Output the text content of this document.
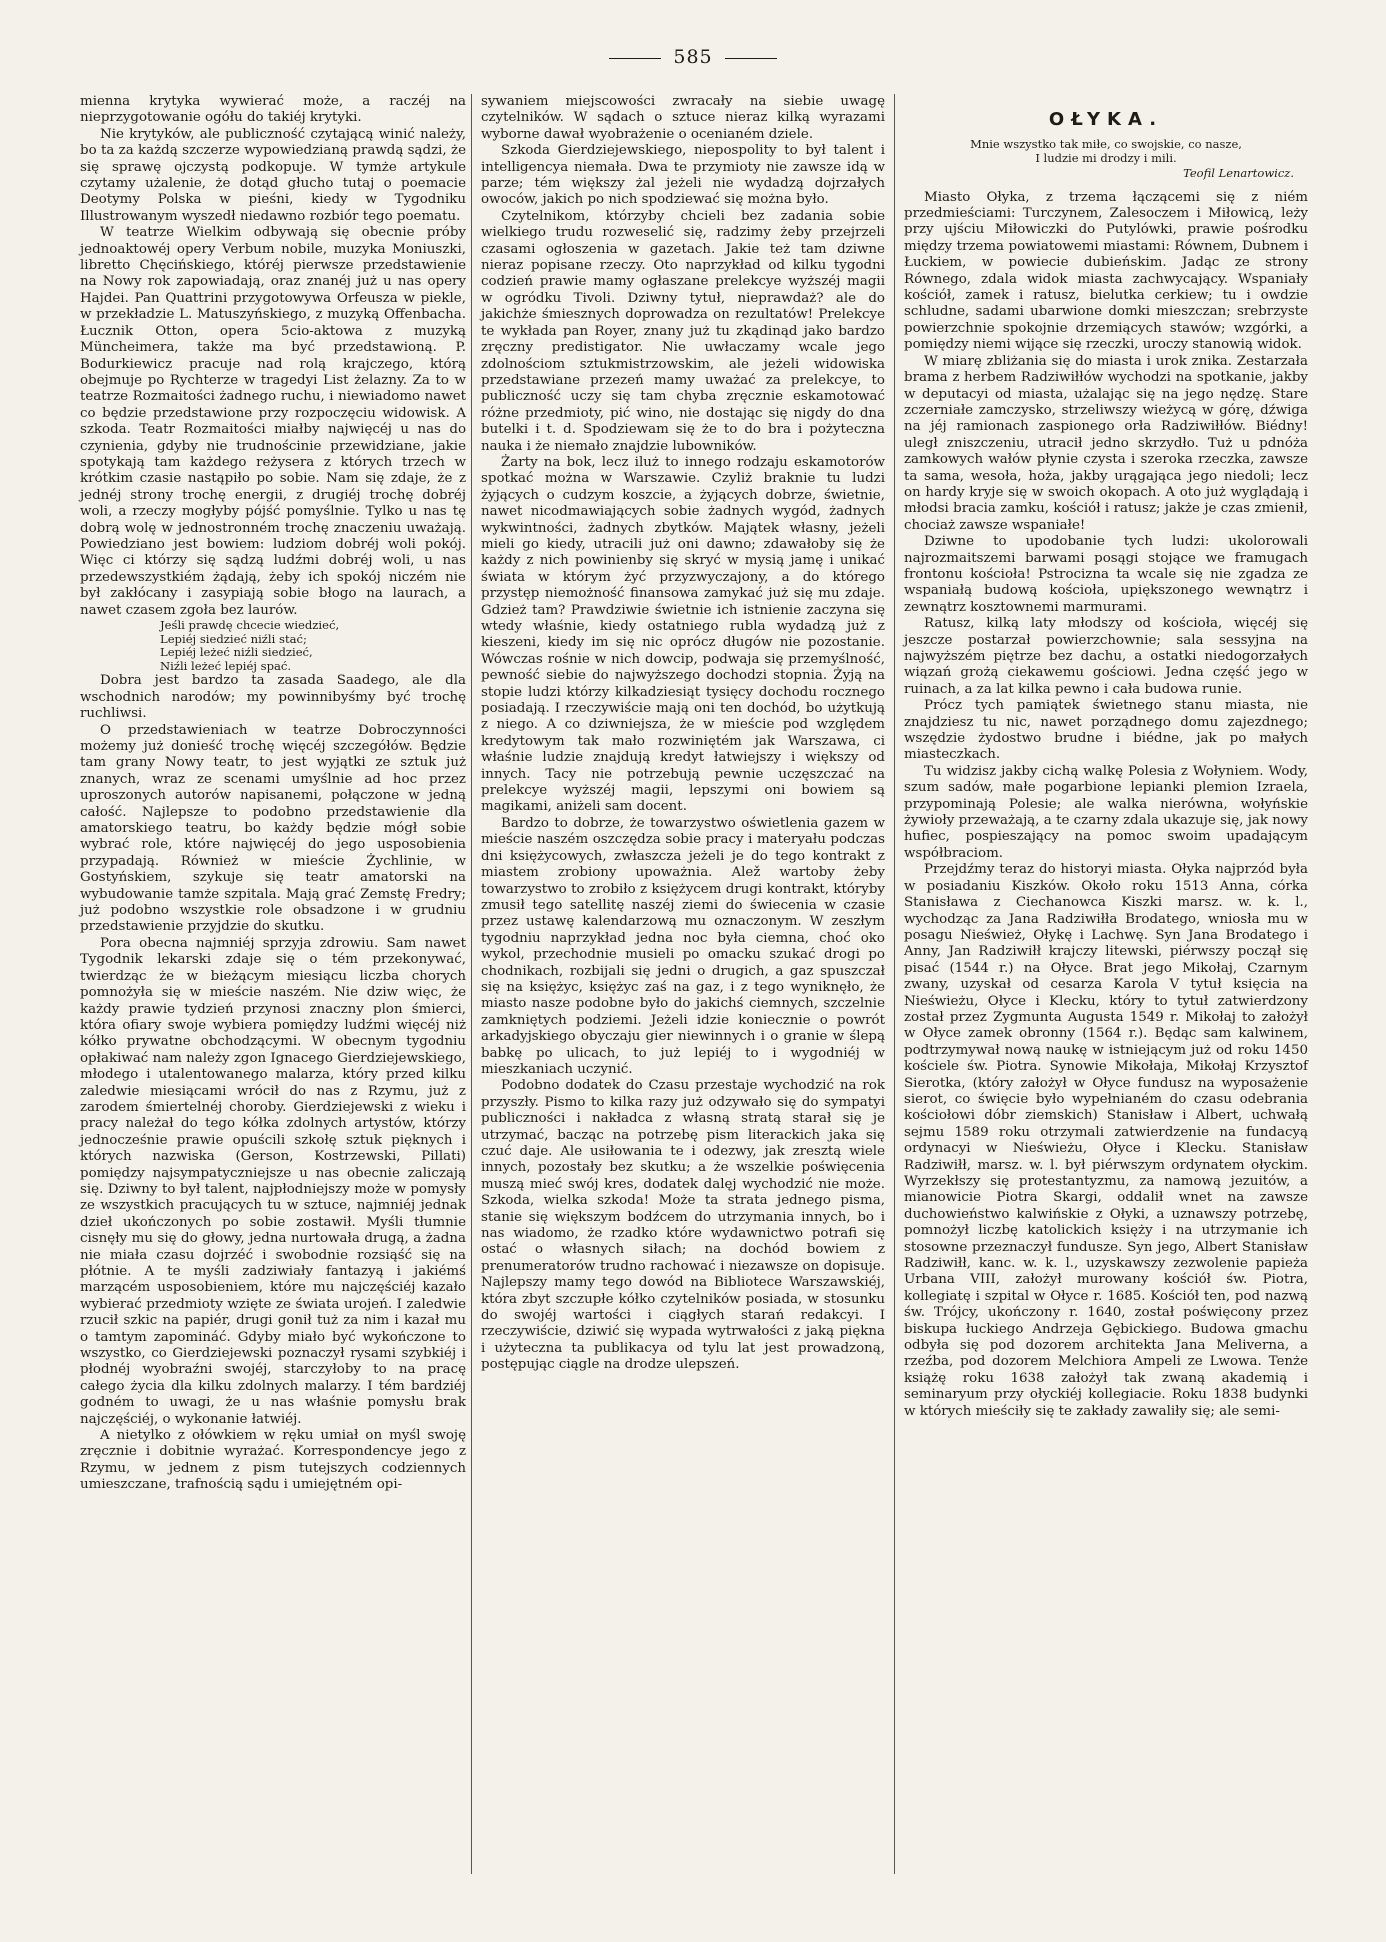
585

mienna krytyka wywierać może, a raczéj na nieprzygotowanie ogółu do takiéj krytyki.

Nie krytyków, ale publiczność czytającą winić należy, bo ta za każdą szczerze wypowiedzianą prawdą sądzi, że się sprawę ojczystą podkopuje. W tymże artykule czytamy użalenie, że dotąd głucho tutaj o poemacie Deotymy Polska w pieśni, kiedy w Tygodniku Illustrowanym wyszedł niedawno rozbiór tego poematu.

W teatrze Wielkim odbywają się obecnie próby jednoaktowéj opery Verbum nobile, muzyka Moniuszki, libretto Chęcińskiego, któréj pierwsze przedstawienie na Nowy rok zapowiadają, oraz znanéj już u nas opery Hajdei. Pan Quattrini przygotowywa Orfeusza w piekle, w przekładzie L. Matuszyńskiego, z muzyką Offenbacha. Łucznik Otton, opera 5cio-aktowa z muzyką Müncheimera, także ma być przedstawioną. P. Bodurkiewicz pracuje nad rolą krajczego, którą obejmuje po Rychterze w tragedyi List żelazny. Za to w teatrze Rozmaitości żadnego ruchu, i niewiadomo nawet co będzie przedstawione przy rozpoczęciu widowisk. A szkoda. Teatr Rozmaitości miałby najwięcéj u nas do czynienia, gdyby nie trudnościnie przewidziane, jakie spotykają tam każdego reżysera z których trzech w krótkim czasie nastąpiło po sobie. Nam się zdaje, że z jednéj strony trochę energii, z drugiéj trochę dobréj woli, a rzeczy mogłyby pójść pomyślnie. Tylko u nas tę dobrą wolę w jednostronném trochę znaczeniu uważają. Powiedziano jest bowiem: ludziom dobréj woli pokój. Więc ci którzy się sądzą ludźmi dobréj woli, u nas przedewszystkiém żądają, żeby ich spokój niczém nie był zakłócany i zasypiają sobie błogo na laurach, a nawet czasem zgoła bez laurów.

Jeśli prawdę chcecie wiedzieć,
Lepiéj siedzieć niźli stać;
Lepiéj leżeć niźli siedzieć,
Niźli leżeć lepiéj spać.

Dobra jest bardzo ta zasada Saadego, ale dla wschodnich narodów; my powinnibyśmy być trochę ruchliwsi.

O przedstawieniach w teatrze Dobroczynności możemy już donieść trochę więcéj szczegółów. Będzie tam grany Nowy teatr, to jest wyjątki ze sztuk już znanych, wraz ze scenami umyślnie ad hoc przez uproszonych autorów napisanemi, połączone w jedną całość. Najlepsze to podobno przedstawienie dla amatorskiego teatru, bo każdy będzie mógł sobie wybrać role, które najwięcéj do jego usposobienia przypadają. Również w mieście Żychlinie, w Gostyńskiem, szykuje się teatr amatorski na wybudowanie tamże szpitala. Mają grać Zemstę Fredry; już podobno wszystkie role obsadzone i w grudniu przedstawienie przyjdzie do skutku.

Pora obecna najmniéj sprzyja zdrowiu. Sam nawet Tygodnik lekarski zdaje się o tém przekonywać, twierdząc że w bieżącym miesiącu liczba chorych pomnożyła się w mieście naszém. Nie dziw więc, że każdy prawie tydzień przynosi znaczny plon śmierci, która ofiary swoje wybiera pomiędzy ludźmi więcéj niż kółko prywatne obchodzącymi. W obecnym tygodniu opłakiwać nam należy zgon Ignacego Gierdziejewskiego, młodego i utalentowanego malarza, który przed kilku zaledwie miesiącami wrócił do nas z Rzymu, już z zarodem śmiertelnéj choroby. Gierdziejewski z wieku i pracy należał do tego kółka zdolnych artystów, którzy jednocześnie prawie opuścili szkołę sztuk pięknych i których nazwiska (Gerson, Kostrzewski, Pillati) pomiędzy najsympatyczniejsze u nas obecnie zaliczają się. Dziwny to był talent, najpłodniejszy może w pomysły ze wszystkich pracujących tu w sztuce, najmniéj jednak dzieł ukończonych po sobie zostawił. Myśli tłumnie cisnęły mu się do głowy, jedna nurtowała drugą, a żadna nie miała czasu dojrzéć i swobodnie rozsiąść się na płótnie. A te myśli zadziwiały fantazyą i jakiémś marzącém usposobieniem, które mu najczęściéj kazało wybierać przedmioty wzięte ze świata urojeń. I zaledwie rzucił szkic na papiér, drugi gonił tuż za nim i kazał mu o tamtym zapomináć. Gdyby miało być wykończone to wszystko, co Gierdziejewski poznaczył rysami szybkiéj i płodnéj wyobraźni swojéj, starczyłoby to na pracę całego życia dla kilku zdolnych malarzy. I tém bardziéj godném to uwagi, że u nas właśnie pomysłu brak najczęściéj, o wykonanie łatwiéj.

A nietylko z ołówkiem w ręku umiał on myśl swoję zręcznie i dobitnie wyrażać. Korrespondencye jego z Rzymu, w jednem z pism tutejszych codziennych umieszczane, trafnością sądu i umiejętném opi-

sywaniem miejscowości zwracały na siebie uwagę czytelników. W sądach o sztuce nieraz kilką wyrazami wyborne dawał wyobrażenie o ocenianém dziele.

Szkoda Gierdziejewskiego, niepospolity to był talent i intelligencya niemała. Dwa te przymioty nie zawsze idą w parze; tém większy żal jeżeli nie wydadzą dojrzałych owoców, jakich po nich spodziewać się można było.

Czytelnikom, którzyby chcieli bez zadania sobie wielkiego trudu rozweselić się, radzimy żeby przejrzeli czasami ogłoszenia w gazetach. Jakie też tam dziwne nieraz popisane rzeczy. Oto naprzykład od kilku tygodni codzień prawie mamy ogłaszane prelekcye wyższéj magii w ogródku Tivoli. Dziwny tytuł, nieprawdaż? ale do jakichże śmiesznych doprowadza on rezultatów! Prelekcye te wykłada pan Royer, znany już tu zkądinąd jako bardzo zręczny predistigator. Nie uwłaczamy wcale jego zdolnościom sztukmistrzowskim, ale jeżeli widowiska przedstawiane przezeń mamy uważać za prelekcye, to publiczność uczy się tam chyba zręcznie eskamotować różne przedmioty, pić wino, nie dostając się nigdy do dna butelki i t. d. Spodziewam się że to do bra i pożyteczna nauka i że niemało znajdzie lubowników.

Żarty na bok, lecz iluż to innego rodzaju eskamotorów spotkać można w Warszawie. Czyliż braknie tu ludzi żyjących o cudzym koszcie, a żyjących dobrze, świetnie, nawet nicodmawiających sobie żadnych wygód, żadnych wykwintności, żadnych zbytków. Majątek własny, jeżeli mieli go kiedy, utracili już oni dawno; zdawałoby się że każdy z nich powinienby się skryć w mysią jamę i unikać świata w którym żyć przyzwyczajony, a do którego przystęp niemożność finansowa zamykać już się mu zdaje. Gdzież tam? Prawdziwie świetnie ich istnienie zaczyna się wtedy właśnie, kiedy ostatniego rubla wydadzą już z kieszeni, kiedy im się nic oprócz długów nie pozostanie. Wówczas rośnie w nich dowcip, podwaja się przemyślność, pewność siebie do najwyższego dochodzi stopnia. Żyją na stopie ludzi którzy kilkadziesiąt tysięcy dochodu rocznego posiadają. I rzeczywiście mają oni ten dochód, bo użytkują z niego. A co dziwniejsza, że w mieście pod względem kredytowym tak mało rozwiniętém jak Warszawa, ci właśnie ludzie znajdują kredyt łatwiejszy i większy od innych. Tacy nie potrzebują pewnie uczęszczać na prelekcye wyższéj magii, lepszymi oni bowiem są magikami, aniżeli sam docent.

Bardzo to dobrze, że towarzystwo oświetlenia gazem w mieście naszém oszczędza sobie pracy i materyału podczas dni księżycowych, zwłaszcza jeżeli je do tego kontrakt z miastem zrobiony upoważnia. Alež wartoby żeby towarzystwo to zrobiło z księżycem drugi kontrakt, któryby zmusił tego satellitę naszéj ziemi do świecenia w czasie przez ustawę kalendarzową mu oznaczonym. W zeszłym tygodniu naprzykład jedna noc była ciemna, choć oko wykol, przechodnie musieli po omacku szukać drogi po chodnikach, rozbijali się jedni o drugich, a gaz spuszczał się na księżyc, księżyc zaś na gaz, i z tego wyniknęło, że miasto nasze podobne było do jakichś ciemnych, szczelnie zamkniętych podziemi. Jeżeli idzie koniecznie o powrót arkadyjskiego obyczaju gier niewinnych i o granie w ślepą babkę po ulicach, to już lepiéj to i wygodniéj w mieszkaniach uczynić.

Podobno dodatek do Czasu przestaje wychodzić na rok przyszły. Pismo to kilka razy już odzywało się do sympatyi publiczności i nakładca z własną stratą starał się je utrzymać, bacząc na potrzebę pism literackich jaka się czuć daje. Ale usiłowania te i odezwy, jak zresztą wiele innych, pozostały bez skutku; a że wszelkie poświęcenia muszą mieć swój kres, dodatek dalęj wychodzić nie może. Szkoda, wielka szkoda! Może ta strata jednego pisma, stanie się większym bodźcem do utrzymania innych, bo i nas wiadomo, że rzadko które wydawnictwo potrafi się ostać o własnych siłach; na dochód bowiem z prenumeratorów trudno rachować i niezawsze on dopisuje. Najlepszy mamy tego dowód na Bibliotece Warszawskiéj, która zbyt szczupłe kółko czytelników posiada, w stosunku do swojéj wartości i ciągłych starań redakcyi. I rzeczywiście, dziwić się wypada wytrwałości z jaką piękna i użyteczna ta publikacya od tylu lat jest prowadzoną, postępując ciągle na drodze ulepszeń.

OŁYKA.
Mnie wszystko tak miłe, co swojskie, co nasze,
I ludzie mi drodzy i mili.
Teofil Lenartowicz.

Miasto Ołyka, z trzema łączącemi się z niém przedmieściami: Turczynem, Zalesoczem i Miłowicą, leży przy ujściu Miłowiczki do Putylówki, prawie pośrodku między trzema powiatowemi miastami: Równem, Dubnem i Łuckiem, w powiecie dubieńskim. Jadąc ze strony Równego, zdala widok miasta zachwycający. Wspaniały kościół, zamek i ratusz, bielutka cerkiew; tu i owdzie schludne, sadami ubarwione domki mieszczan; srebrzyste powierzchnie spokojnie drzemiących stawów; wzgórki, a pomiędzy niemi wijące się rzeczki, uroczy stanowią widok.

W miarę zbliżania się do miasta i urok znika. Zestarzała brama z herbem Radziwiłłów wychodzi na spotkanie, jakby w deputacyi od miasta, użalając się na jego nędzę. Stare zczerniałe zamczysko, strzeliwszy wieżycą w górę, dźwiga na jéj ramionach zaspionego orła Radziwiłłów. Biédny! uległ zniszczeniu, utracił jedno skrzydło. Tuż u pdnóża zamkowych wałów płynie czysta i szeroka rzeczka, zawsze ta sama, wesoła, hoża, jakby urągająca jego niedoli; lecz on hardy kryje się w swoich okopach. A oto już wyglądają i młodsi bracia zamku, kościół i ratusz; jakże je czas zmienił, chociaż zawsze wspaniałe!

Dziwne to upodobanie tych ludzi: ukolorowali najrozmaitszemi barwami posągi stojące we framugach frontonu kościoła! Pstrocizna ta wcale się nie zgadza ze wspaniałą budową kościoła, upiększonego wewnątrz i zewnątrz kosztownemi marmurami.

Ratusz, kilką laty młodszy od kościoła, więcéj się jeszcze postarzał powierzchownie; sala sessyjna na najwyższém piętrze bez dachu, a ostatki niedogorzałych wiązań grożą ciekawemu gościowi. Jedna część jego w ruinach, a za lat kilka pewno i cała budowa runie.

Prócz tych pamiątek świetnego stanu miasta, nie znajdziesz tu nic, nawet porządnego domu zajezdnego; wszędzie żydostwo brudne i biédne, jak po małych miasteczkach.

Tu widzisz jakby cichą walkę Polesia z Wołyniem. Wody, szum sadów, małe pogarbione lepianki plemion Izraela, przypominają Polesie; ale walka nierówna, wołyńskie żywioły przeważają, a te czarny zdala ukazuje się, jak nowy hufiec, pospieszający na pomoc swoim upadającym współbraciom.

Przejdźmy teraz do historyi miasta. Ołyka najprzód była w posiadaniu Kiszków. Około roku 1513 Anna, córka Stanisława z Ciechanowca Kiszki marsz. w. k. l., wychodząc za Jana Radziwiłła Brodatego, wniosła mu w posagu Nieśwież, Ołykę i Lachwę. Syn Jana Brodatego i Anny, Jan Radziwiłł krajczy litewski, piérwszy począł się pisać (1544 r.) na Ołyce. Brat jego Mikołaj, Czarnym zwany, uzyskał od cesarza Karola V tytuł księcia na Nieświeżu, Ołyce i Klecku, który to tytuł zatwierdzony został przez Zygmunta Augusta 1549 r. Mikołaj to założył w Ołyce zamek obronny (1564 r.). Będąc sam kalwinem, podtrzymywał nową naukę w istniejącym już od roku 1450 kościele św. Piotra. Synowie Mikołaja, Mikołaj Krzysztof Sierotka, (który założył w Ołyce fundusz na wyposażenie sierot, co święcie było wypełnianém do czasu odebrania kościołowi dóbr ziemskich) Stanisław i Albert, uchwałą sejmu 1589 roku otrzymali zatwierdzenie na fundacyą ordynacyi w Nieświeżu, Ołyce i Klecku. Stanisław Radziwiłł, marsz. w. l. był piérwszym ordynatem ołyckim. Wyrzekłszy się protestantyzmu, za namową jezuitów, a mianowicie Piotra Skargi, oddalił wnet na zawsze duchowieństwo kalwińskie z Ołyki, a uznawszy potrzebę, pomnożył liczbę katolickich księży i na utrzymanie ich stosowne przeznaczył fundusze. Syn jego, Albert Stanisław Radziwiłł, kanc. w. k. l., uzyskawszy zezwolenie papieża Urbana VIII, założył murowany kościół św. Piotra, kollegiatę i szpital w Ołyce r. 1685. Kościół ten, pod nazwą św. Trójcy, ukończony r. 1640, został poświęcony przez biskupa łuckiego Andrzeja Gębickiego. Budowa gmachu odbyła się pod dozorem architekta Jana Meliverna, a rzeźba, pod dozorem Melchiora Ampeli ze Lwowa. Tenże książę roku 1638 założył tak zwaną akademią i seminaryum przy ołyckiéj kollegiacie. Roku 1838 budynki w których mieściły się te zakłady zawaliły się; ale semi-
